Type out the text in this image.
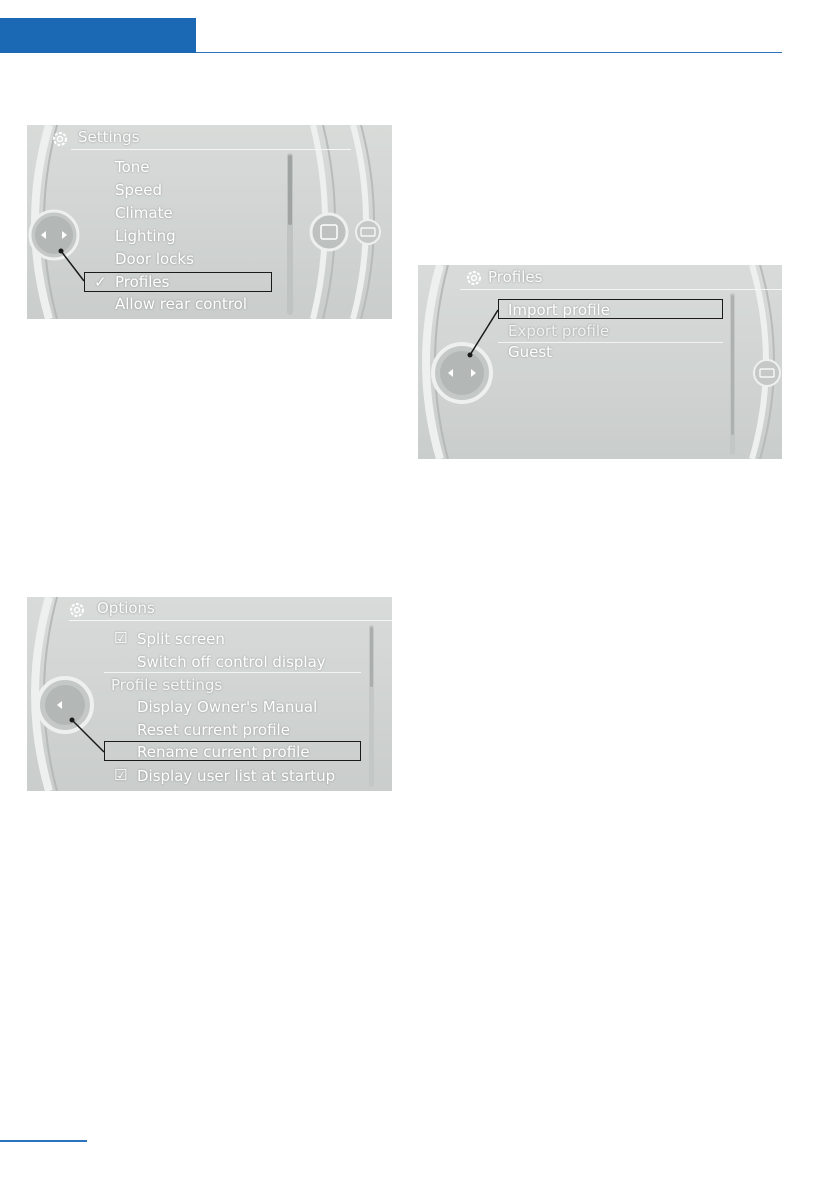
Settings
Tone
Speed
Climate
Lighting
Door locks
✓ Profiles
Allow rear control
Profiles
Import profile
Export profile
Guest
Options
☑ Split screen
Switch off control display
Profile settings
Display Owner's Manual
Reset current profile
Rename current profile
☑ Display user list at startup
